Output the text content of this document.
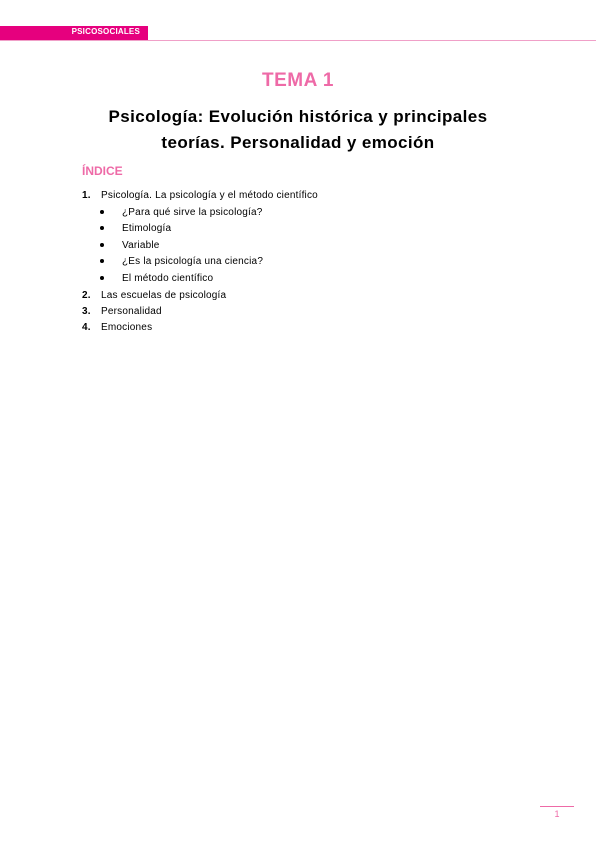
PSICOSOCIALES
TEMA 1
Psicología: Evolución histórica y principales
teorías. Personalidad y emoción
ÍNDICE
1. Psicología. La psicología y el método científico
¿Para qué sirve la psicología?
Etimología
Variable
¿Es la psicología una ciencia?
El método científico
2. Las escuelas de psicología
3. Personalidad
4. Emociones
1
